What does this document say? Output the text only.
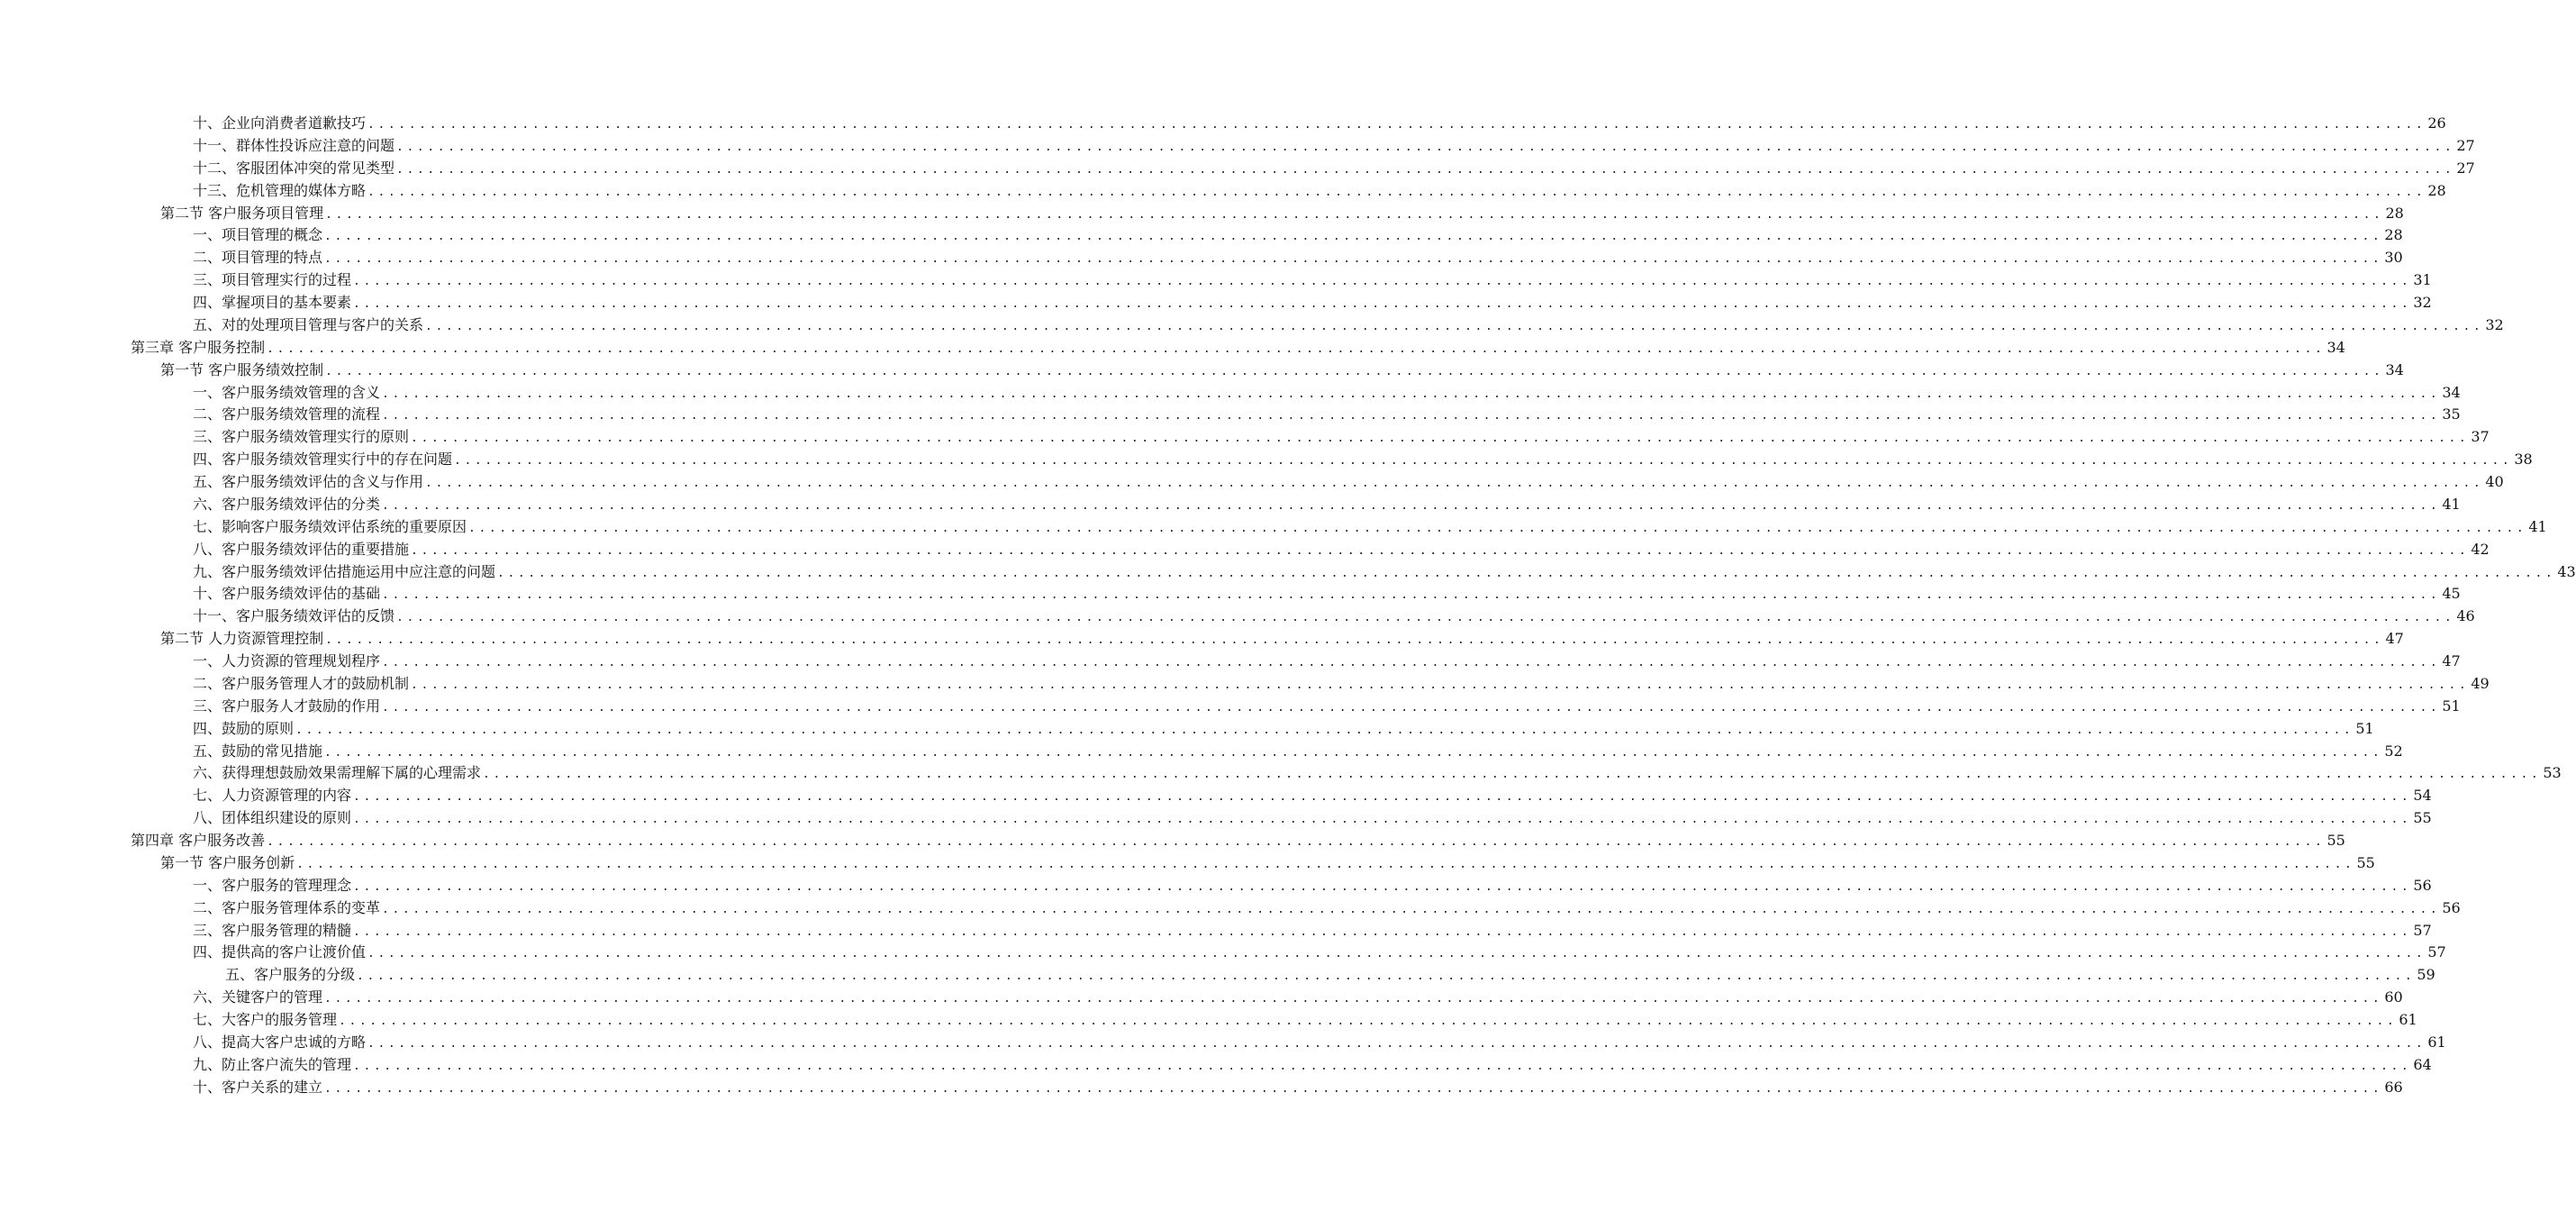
十、企业向消费者道歉技巧 ........................................................................................................................................................................................................ 26
十一、群体性投诉应注意的问题 ........................................................................................................................................................................................................ 27
十二、客服团体冲突的常见类型 ........................................................................................................................................................................................................ 27
十三、危机管理的媒体方略 ........................................................................................................................................................................................................ 28
第二节 客户服务项目管理 ........................................................................................................................................................................................................ 28
一、项目管理的概念 ........................................................................................................................................................................................................ 28
二、项目管理的特点 ........................................................................................................................................................................................................ 30
三、项目管理实行的过程 ........................................................................................................................................................................................................ 31
四、掌握项目的基本要素 ........................................................................................................................................................................................................ 32
五、对的处理项目管理与客户的关系 ........................................................................................................................................................................................................ 32
第三章 客户服务控制 ........................................................................................................................................................................................................ 34
第一节 客户服务绩效控制 ........................................................................................................................................................................................................ 34
一、客户服务绩效管理的含义 ........................................................................................................................................................................................................ 34
二、客户服务绩效管理的流程 ........................................................................................................................................................................................................ 35
三、客户服务绩效管理实行的原则 ........................................................................................................................................................................................................ 37
四、客户服务绩效管理实行中的存在问题 ........................................................................................................................................................................................................ 38
五、客户服务绩效评估的含义与作用 ........................................................................................................................................................................................................ 40
六、客户服务绩效评估的分类 ........................................................................................................................................................................................................ 41
七、影响客户服务绩效评估系统的重要原因 ........................................................................................................................................................................................................ 41
八、客户服务绩效评估的重要措施 ........................................................................................................................................................................................................ 42
九、客户服务绩效评估措施运用中应注意的问题 ........................................................................................................................................................................................................ 43
十、客户服务绩效评估的基础 ........................................................................................................................................................................................................ 45
十一、客户服务绩效评估的反馈 ........................................................................................................................................................................................................ 46
第二节 人力资源管理控制 ........................................................................................................................................................................................................ 47
一、人力资源的管理规划程序 ........................................................................................................................................................................................................ 47
二、客户服务管理人才的鼓励机制 ........................................................................................................................................................................................................ 49
三、客户服务人才鼓励的作用 ........................................................................................................................................................................................................ 51
四、鼓励的原则 ........................................................................................................................................................................................................ 51
五、鼓励的常见措施 ........................................................................................................................................................................................................ 52
六、获得理想鼓励效果需理解下属的心理需求 ........................................................................................................................................................................................................ 53
七、人力资源管理的内容 ........................................................................................................................................................................................................ 54
八、团体组织建设的原则 ........................................................................................................................................................................................................ 55
第四章 客户服务改善 ........................................................................................................................................................................................................ 55
第一节 客户服务创新 ........................................................................................................................................................................................................ 55
一、客户服务的管理理念 ........................................................................................................................................................................................................ 56
二、客户服务管理体系的变革 ........................................................................................................................................................................................................ 56
三、客户服务管理的精髓 ........................................................................................................................................................................................................ 57
四、提供高的客户让渡价值 ........................................................................................................................................................................................................ 57
五、客户服务的分级 ........................................................................................................................................................................................................ 59
六、关键客户的管理 ........................................................................................................................................................................................................ 60
七、大客户的服务管理 ........................................................................................................................................................................................................ 61
八、提高大客户忠诚的方略 ........................................................................................................................................................................................................ 61
九、防止客户流失的管理 ........................................................................................................................................................................................................ 64
十、客户关系的建立 ........................................................................................................................................................................................................ 66
